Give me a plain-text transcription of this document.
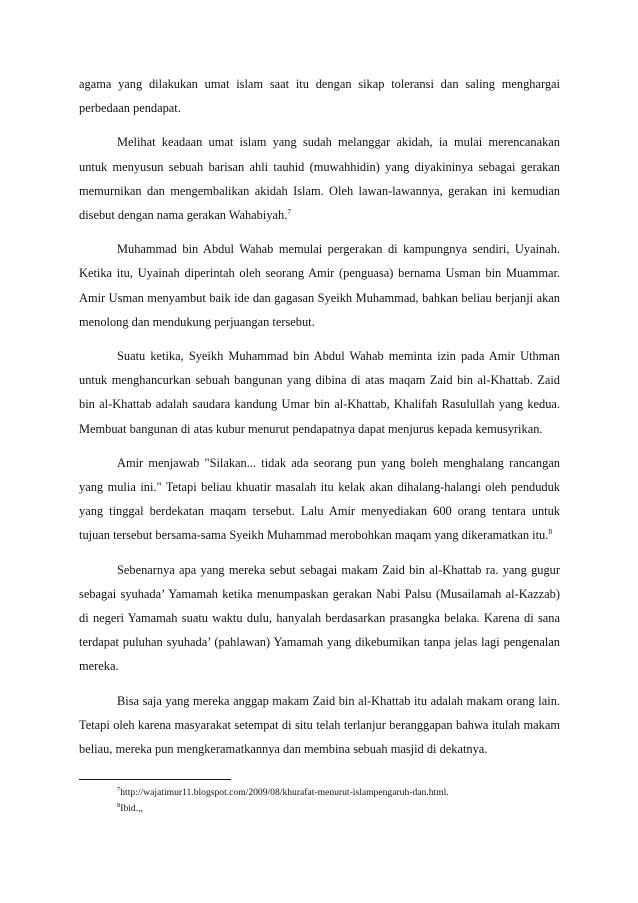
agama yang dilakukan umat islam saat itu dengan sikap toleransi dan saling menghargai perbedaan pendapat.

Melihat keadaan umat islam yang sudah melanggar akidah, ia mulai merencanakan untuk menyusun sebuah barisan ahli tauhid (muwahhidin) yang diyakininya sebagai gerakan memurnikan dan mengembalikan akidah Islam. Oleh lawan-lawannya, gerakan ini kemudian disebut dengan nama gerakan Wahabiyah.$^7$

Muhammad bin Abdul Wahab memulai pergerakan di kampungnya sendiri, Uyainah. Ketika itu, Uyainah diperintah oleh seorang Amir (penguasa) bernama Usman bin Muammar. Amir Usman menyambut baik ide dan gagasan Syeikh Muhammad, bahkan beliau berjanji akan menolong dan mendukung perjuangan tersebut.

Suatu ketika, Syeikh Muhammad bin Abdul Wahab meminta izin pada Amir Uthman untuk menghancurkan sebuah bangunan yang dibina di atas maqam Zaid bin al-Khattab. Zaid bin al-Khattab adalah saudara kandung Umar bin al-Khattab, Khalifah Rasulullah yang kedua. Membuat bangunan di atas kubur menurut pendapatnya dapat menjurus kepada kemusyrikan.

Amir menjawab "Silakan... tidak ada seorang pun yang boleh menghalang rancangan yang mulia ini." Tetapi beliau khuatir masalah itu kelak akan dihalang-halangi oleh penduduk yang tinggal berdekatan maqam tersebut. Lalu Amir menyediakan 600 orang tentara untuk tujuan tersebut bersama-sama Syeikh Muhammad merobohkan maqam yang dikeramatkan itu.$^8$

Sebenarnya apa yang mereka sebut sebagai makam Zaid bin al-Khattab ra. yang gugur sebagai syuhada’ Yamamah ketika menumpaskan gerakan Nabi Palsu (Musailamah al-Kazzab) di negeri Yamamah suatu waktu dulu, hanyalah berdasarkan prasangka belaka. Karena di sana terdapat puluhan syuhada’ (pahlawan) Yamamah yang dikebumikan tanpa jelas lagi pengenalan mereka.

Bisa saja yang mereka anggap makam Zaid bin al-Khattab itu adalah makam orang lain. Tetapi oleh karena masyarakat setempat di situ telah terlanjur beranggapan bahwa itulah makam beliau, mereka pun mengkeramatkannya dan membina sebuah masjid di dekatnya.

$^7$http://wajatimur11.blogspot.com/2009/08/khurafat-menurut-islampengaruh-dan.html.
$^8$Ibid.,,
